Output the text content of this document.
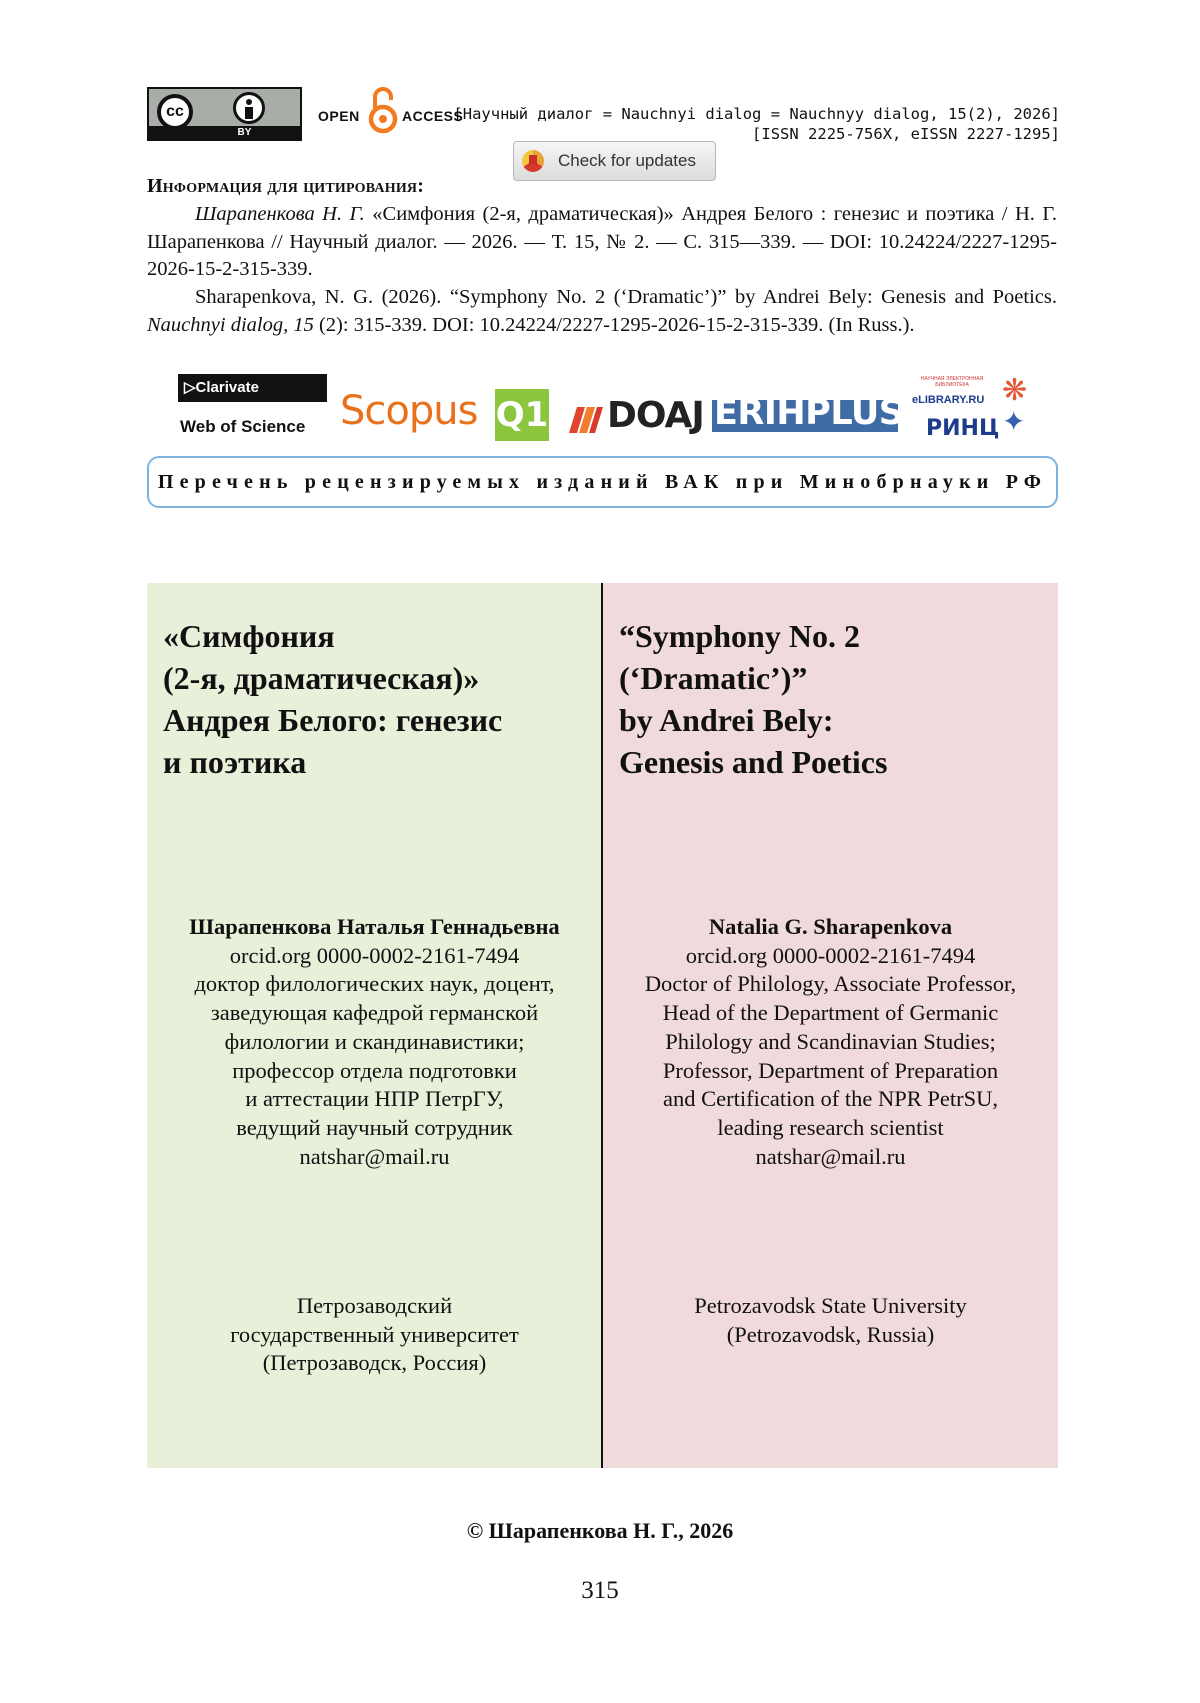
cc
BY
OPEN	ACCESS
[Научный диалог = Nauchnyi dialog = Nauchnyy dialog, 15(2), 2026]
[ISSN 2225-756X, eISSN 2227-1295]
Check for updates
Информация для цитирования:
Шарапенкова Н. Г. «Симфония (2-я, драматическая)» Андрея Белого : генезис и поэтика / Н. Г. Шарапенкова // Научный диалог. — 2026. — Т. 15, № 2. — С. 315—339. — DOI: 10.24224/2227-1295-2026-15-2-315-339.
Sharapenkova, N. G. (2026). “Symphony No. 2 (‘Dramatic’)” by Andrei Bely: Genesis and Poetics. Nauchnyi dialog, 15 (2): 315-339. DOI: 10.24224/2227-1295-2026-15-2-315-339. (In Russ.).
▷Clarivate
Web of Science Scopus Q1 DOAJ ERIHPLUS
НАУЧНАЯ ЭЛЕКТРОННАЯ БИБЛИОТЕКА
eLIBRARY.RU
РИНЦ
❋
✦
Перечень рецензируемых изданий ВАК при Минобрнауки РФ
«Симфония
(2-я, драматическая)»
Андрея Белого: генезис
и поэтика
Шарапенкова Наталья Геннадьевна
orcid.org 0000-0002-2161-7494
доктор филологических наук, доцент,
заведующая кафедрой германской
филологии и скандинавистики;
профессор отдела подготовки
и аттестации НПР ПетрГУ,
ведущий научный сотрудник
natshar@mail.ru
Петрозаводский
государственный университет
(Петрозаводск, Россия)
“Symphony No. 2
(‘Dramatic’)”
by Andrei Bely:
Genesis and Poetics
Natalia G. Sharapenkova
orcid.org 0000-0002-2161-7494
Doctor of Philology, Associate Professor,
Head of the Department of Germanic
Philology and Scandinavian Studies;
Professor, Department of Preparation
and Certification of the NPR PetrSU,
leading research scientist
natshar@mail.ru
Petrozavodsk State University
(Petrozavodsk, Russia)
© Шарапенкова Н. Г., 2026
315
